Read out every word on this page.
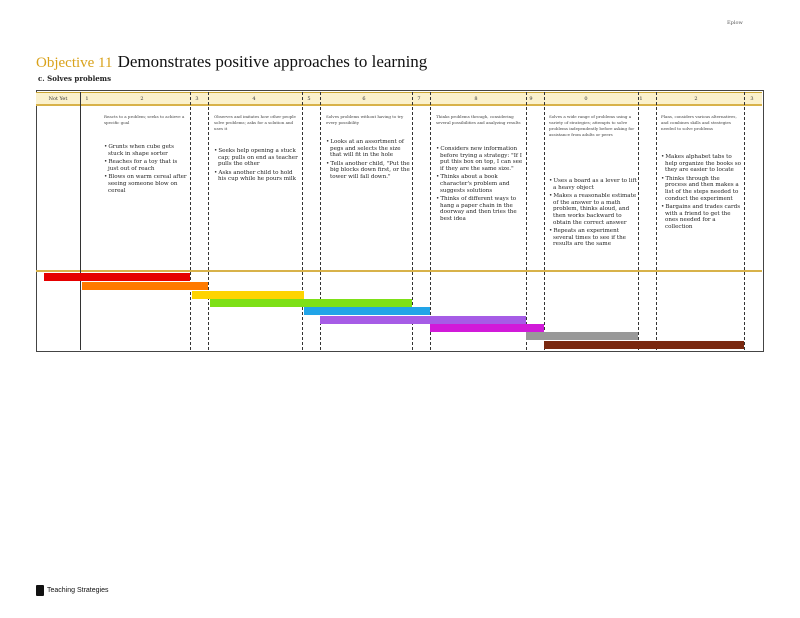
Eplow
Objective 11 Demonstrates positive approaches to learning
c. Solves problems
Not Yet	1	2	3	4	5	6	7	8	9	0	1	2	3
Reacts to a problem; seeks to achieve a specific goal
• Grunts when cube gets stuck in shape sorter
• Reaches for a toy that is just out of reach
• Blows on warm cereal after seeing someone blow on cereal
Observes and imitates how other people solve problems; asks for a solution and uses it
• Seeks help opening a stuck cap; pulls on end as teacher pulls the other
• Asks another child to hold his cup while he pours milk
Solves problems without having to try every possibility
• Looks at an assortment of pegs and selects the size that will fit in the hole
• Tells another child, "Put the big blocks down first, or the tower will fall down."
Thinks problems through, considering several possibilities and analyzing results
• Considers new information before trying a strategy: "If I put this box on top, I can see if they are the same size."
• Thinks about a book character's problem and suggests solutions
• Thinks of different ways to hang a paper chain in the doorway and then tries the best idea
Solves a wide range of problems using a variety of strategies; attempts to solve problems independently before asking for assistance from adults or peers
• Uses a board as a lever to lift a heavy object
• Makes a reasonable estimate of the answer to a math problem, thinks aloud, and then works backward to obtain the correct answer
• Repeats an experiment several times to see if the results are the same
Plans, considers various alternatives, and combines skills and strategies needed to solve problems
• Makes alphabet tabs to help organize the books so they are easier to locate
• Thinks through the process and then makes a list of the steps needed to conduct the experiment
• Bargains and trades cards with a friend to get the ones needed for a collection
Teaching Strategies
